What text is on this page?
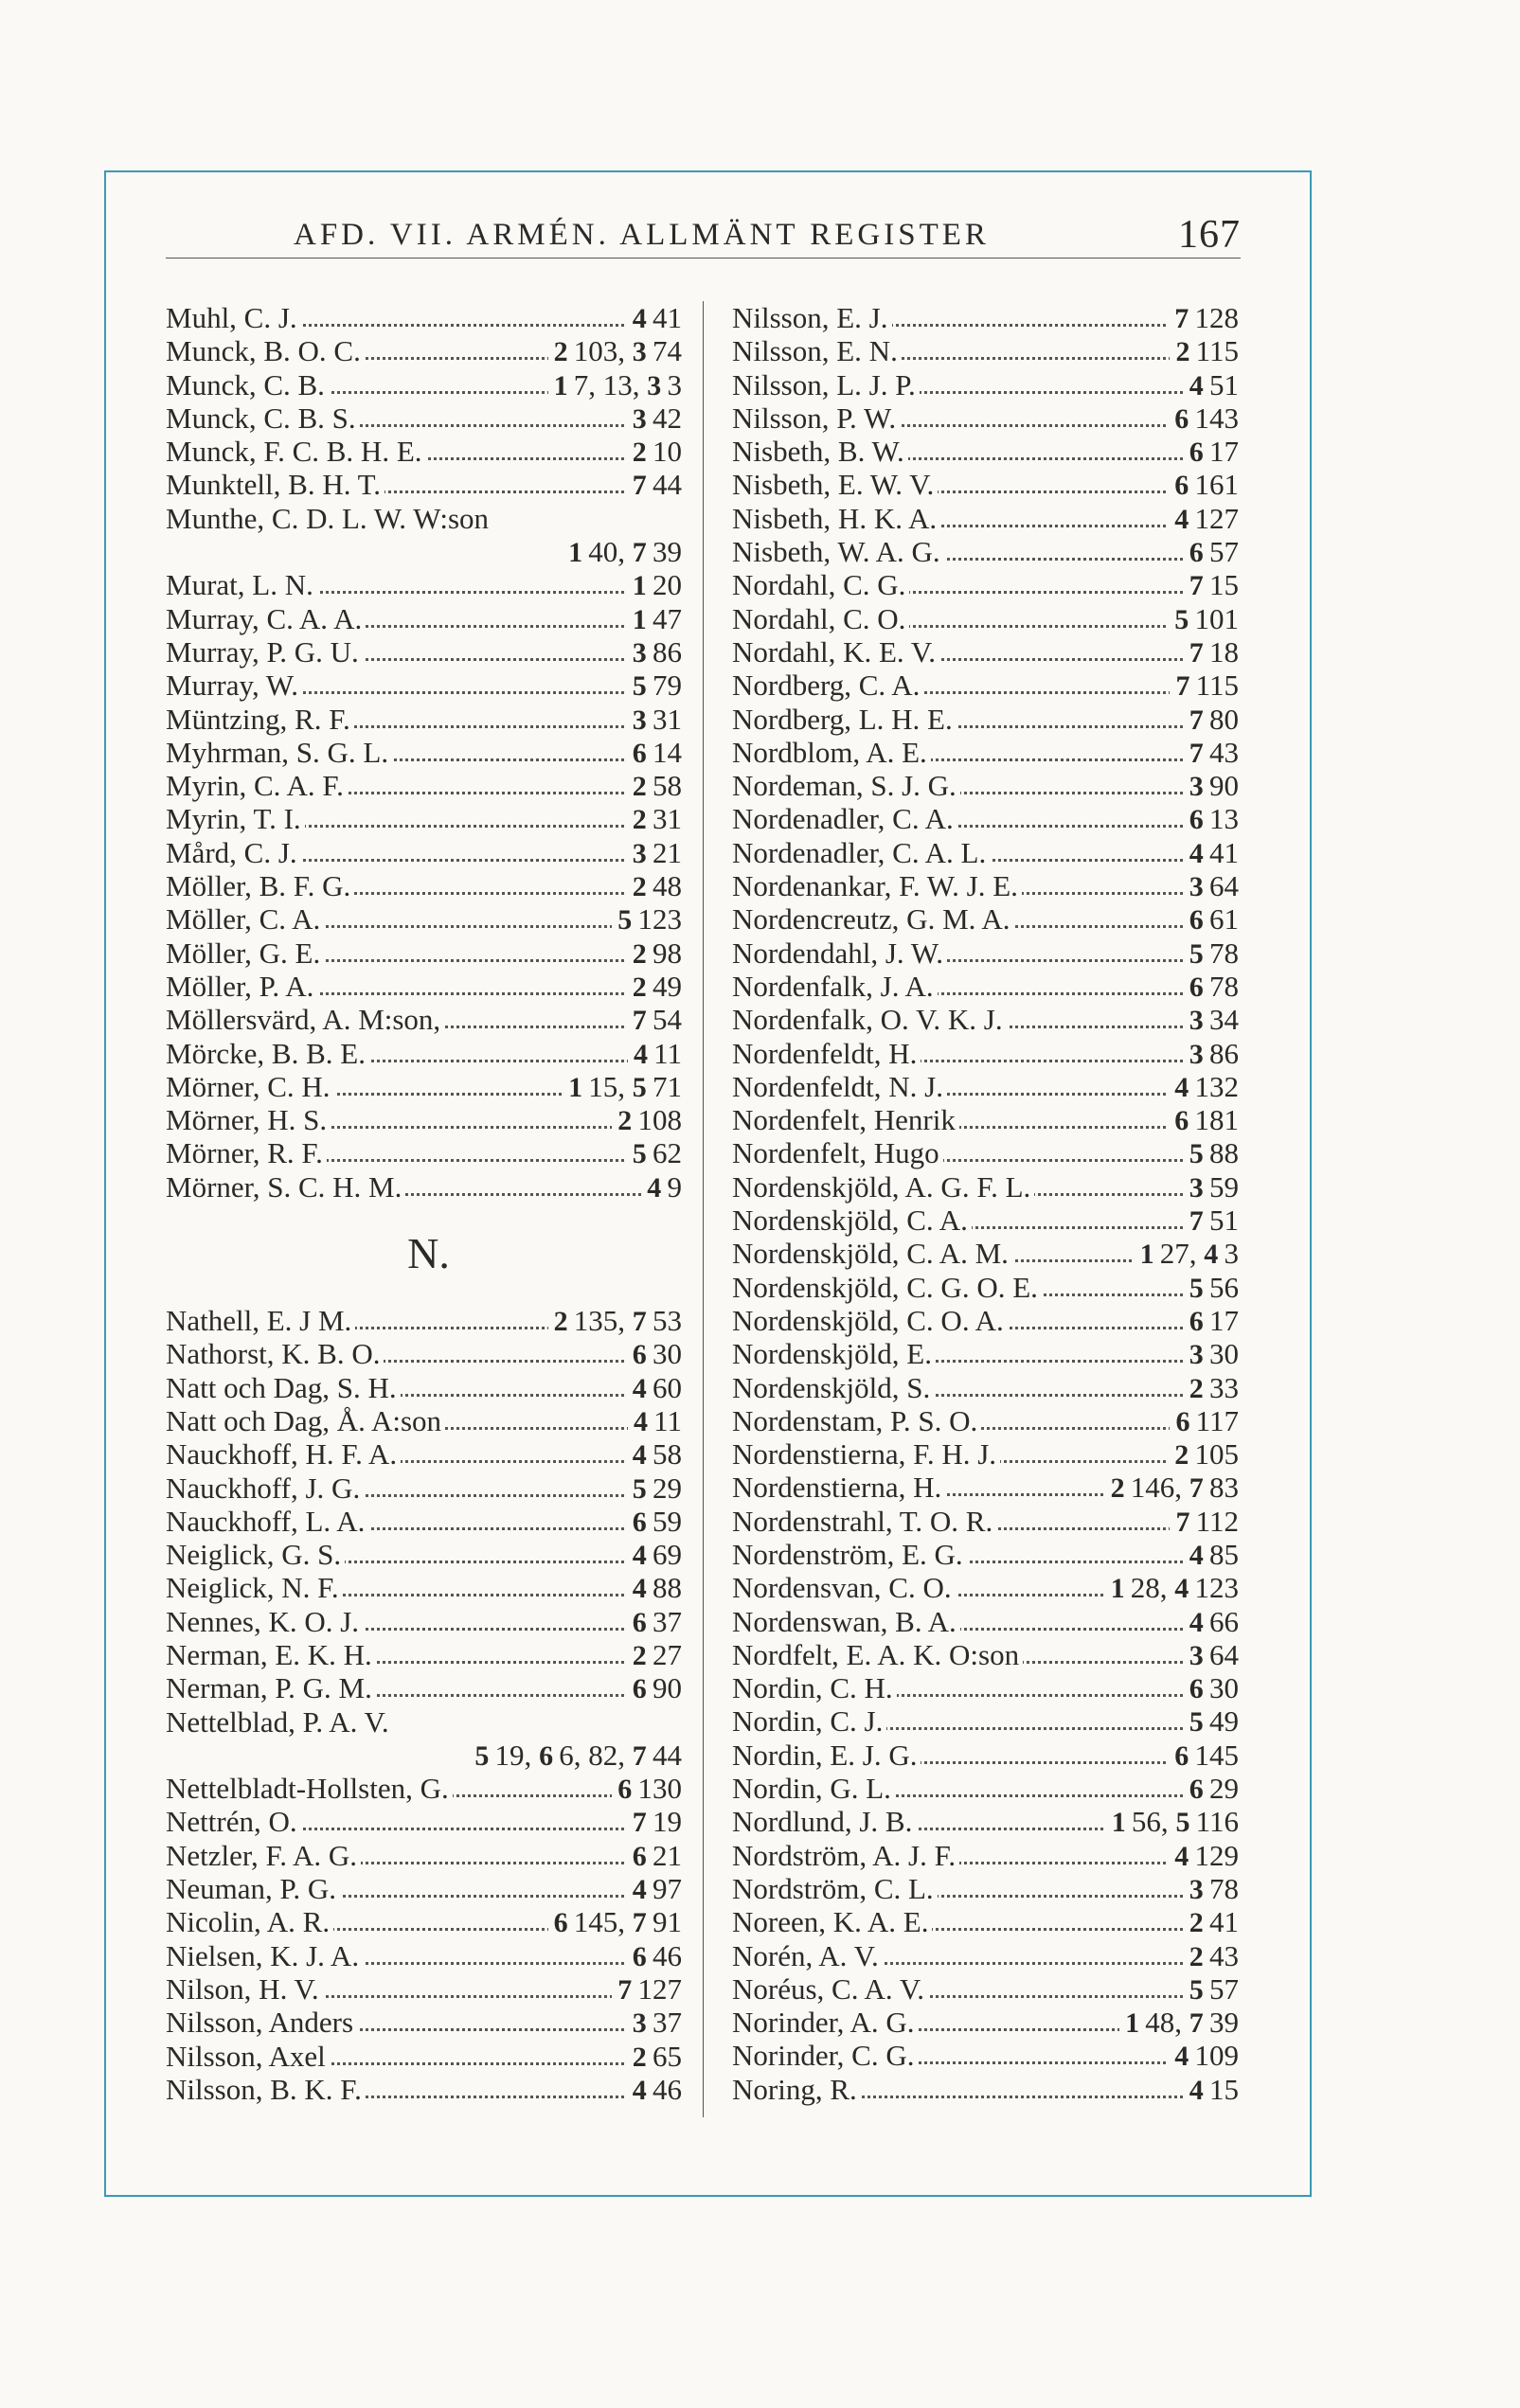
AFD. VII. ARMÉN. ALLMÄNT REGISTER	167
Muhl, C. J.	4 41
Munck, B. O. C.	2 103, 3 74
Munck, C. B.	1 7, 13, 3 3
Munck, C. B. S.	3 42
Munck, F. C. B. H. E.	2 10
Munktell, B. H. T.	7 44
Munthe, C. D. L. W. W:son
1 40, 7 39
Murat, L. N.	1 20
Murray, C. A. A.	1 47
Murray, P. G. U.	3 86
Murray, W.	5 79
Müntzing, R. F.	3 31
Myhrman, S. G. L.	6 14
Myrin, C. A. F.	2 58
Myrin, T. I.	2 31
Mård, C. J.	3 21
Möller, B. F. G.	2 48
Möller, C. A.	5 123
Möller, G. E.	2 98
Möller, P. A.	2 49
Möllersvärd, A. M:son,	7 54
Mörcke, B. B. E.	4 11
Mörner, C. H.	1 15, 5 71
Mörner, H. S.	2 108
Mörner, R. F.	5 62
Mörner, S. C. H. M.	4 9
N.
Nathell, E. J M.	2 135, 7 53
Nathorst, K. B. O.	6 30
Natt och Dag, S. H.	4 60
Natt och Dag, Å. A:son	4 11
Nauckhoff, H. F. A.	4 58
Nauckhoff, J. G.	5 29
Nauckhoff, L. A.	6 59
Neiglick, G. S.	4 69
Neiglick, N. F.	4 88
Nennes, K. O. J.	6 37
Nerman, E. K. H.	2 27
Nerman, P. G. M.	6 90
Nettelblad, P. A. V.
5 19, 6 6, 82, 7 44
Nettelbladt-Hollsten, G.	6 130
Nettrén, O.	7 19
Netzler, F. A. G.	6 21
Neuman, P. G.	4 97
Nicolin, A. R.	6 145, 7 91
Nielsen, K. J. A.	6 46
Nilson, H. V.	7 127
Nilsson, Anders	3 37
Nilsson, Axel	2 65
Nilsson, B. K. F.	4 46
Nilsson, E. J.	7 128
Nilsson, E. N.	2 115
Nilsson, L. J. P.	4 51
Nilsson, P. W.	6 143
Nisbeth, B. W.	6 17
Nisbeth, E. W. V.	6 161
Nisbeth, H. K. A.	4 127
Nisbeth, W. A. G.	6 57
Nordahl, C. G.	7 15
Nordahl, C. O.	5 101
Nordahl, K. E. V.	7 18
Nordberg, C. A.	7 115
Nordberg, L. H. E.	7 80
Nordblom, A. E.	7 43
Nordeman, S. J. G.	3 90
Nordenadler, C. A.	6 13
Nordenadler, C. A. L.	4 41
Nordenankar, F. W. J. E.	3 64
Nordencreutz, G. M. A.	6 61
Nordendahl, J. W.	5 78
Nordenfalk, J. A.	6 78
Nordenfalk, O. V. K. J.	3 34
Nordenfeldt, H.	3 86
Nordenfeldt, N. J.	4 132
Nordenfelt, Henrik	6 181
Nordenfelt, Hugo	5 88
Nordenskjöld, A. G. F. L.	3 59
Nordenskjöld, C. A.	7 51
Nordenskjöld, C. A. M.	1 27, 4 3
Nordenskjöld, C. G. O. E.	5 56
Nordenskjöld, C. O. A.	6 17
Nordenskjöld, E.	3 30
Nordenskjöld, S.	2 33
Nordenstam, P. S. O.	6 117
Nordenstierna, F. H. J.	2 105
Nordenstierna, H.	2 146, 7 83
Nordenstrahl, T. O. R.	7 112
Nordenström, E. G.	4 85
Nordensvan, C. O.	1 28, 4 123
Nordenswan, B. A.	4 66
Nordfelt, E. A. K. O:son	3 64
Nordin, C. H.	6 30
Nordin, C. J.	5 49
Nordin, E. J. G.	6 145
Nordin, G. L.	6 29
Nordlund, J. B.	1 56, 5 116
Nordström, A. J. F.	4 129
Nordström, C. L.	3 78
Noreen, K. A. E.	2 41
Norén, A. V.	2 43
Noréus, C. A. V.	5 57
Norinder, A. G.	1 48, 7 39
Norinder, C. G.	4 109
Noring, R.	4 15
